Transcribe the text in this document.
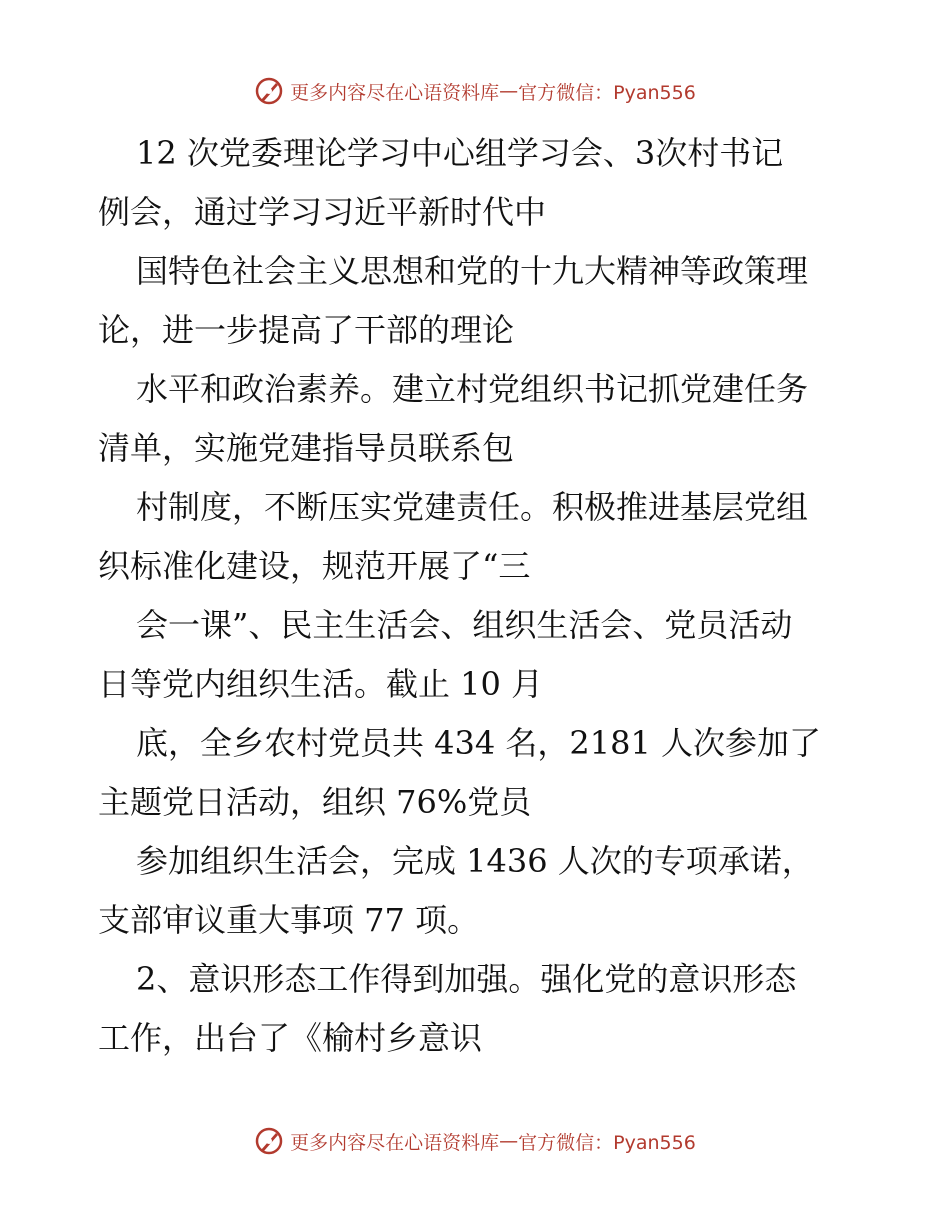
更多内容尽在心语资料库 — 官方微信：Pyan556
12 次党委理论学习中心组学习会、3次村书记
例会，通过学习习近平新时代中
国特色社会主义思想和党的十九大精神等政策理
论，进一步提高了干部的理论
水平和政治素养。建立村党组织书记抓党建任务
清单，实施党建指导员联系包
村制度，不断压实党建责任。积极推进基层党组
织标准化建设，规范开展了“三
会一课”、民主生活会、组织生活会、党员活动
日等党内组织生活。截止 10 月
底，全乡农村党员共 434 名，2181 人次参加了
主题党日活动，组织 76%党员
参加组织生活会，完成 1436 人次的专项承诺，
支部审议重大事项 77 项。
2、意识形态工作得到加强。强化党的意识形态
工作，出台了《榆村乡意识
更多内容尽在心语资料库 — 官方微信：Pyan556
